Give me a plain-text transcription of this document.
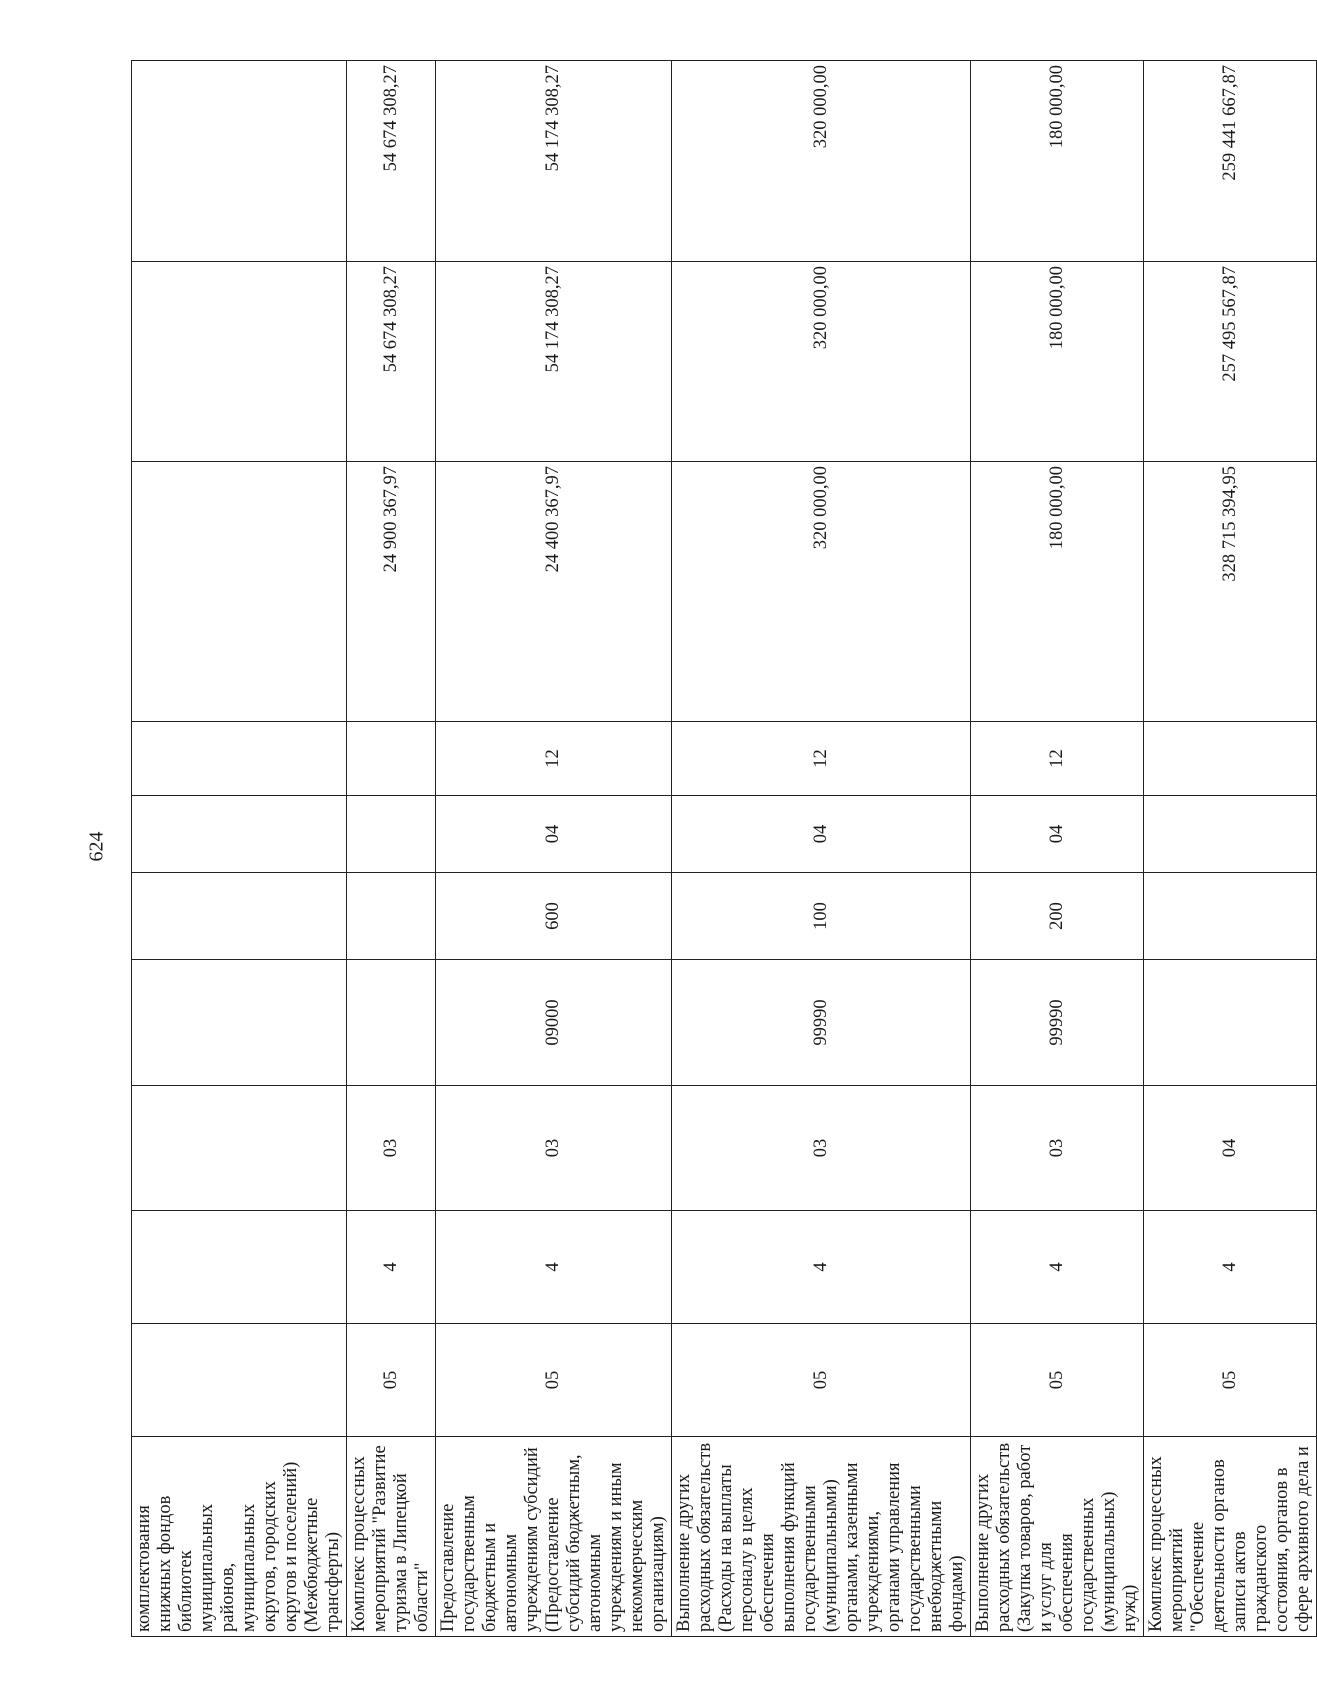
624
комплектования книжных фондов библиотек муниципальных районов, муниципальных округов, городских округов и поселений) (Межбюджетные трансферты)										
Комплекс процессных мероприятий "Развитие туризма в Липецкой области"	05	4	03					24 900 367,97	54 674 308,27	54 674 308,27
Предоставление государственным бюджетным и автономным учреждениям субсидий (Предоставление субсидий бюджетным, автономным учреждениям и иным некоммерческим организациям)	05	4	03	09000	600	04	12	24 400 367,97	54 174 308,27	54 174 308,27
Выполнение других расходных обязательств (Расходы на выплаты персоналу в целях обеспечения выполнения функций государственными (муниципальными) органами, казенными учреждениями, органами управления государственными внебюджетными фондами)	05	4	03	99990	100	04	12	320 000,00	320 000,00	320 000,00
Выполнение других расходных обязательств (Закупка товаров, работ и услуг для обеспечения государственных (муниципальных) нужд)	05	4	03	99990	200	04	12	180 000,00	180 000,00	180 000,00
Комплекс процессных мероприятий "Обеспечение деятельности органов записи актов гражданского состояния, органов в сфере архивного дела и	05	4	04					328 715 394,95	257 495 567,87	259 441 667,87
